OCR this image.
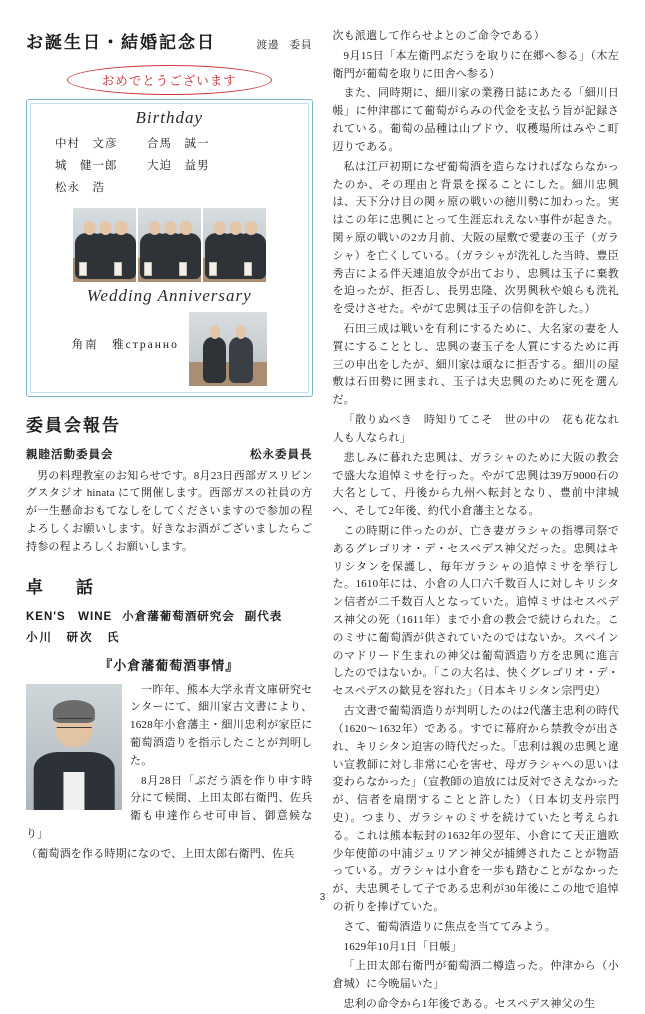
お誕生日・結婚記念日	渡邊 委員
おめでとうございます
Birthday
中村　文彦	合馬　誠一
城　健一郎	大迫　益男
松永　浩
Wedding Anniversary
角南　雅странно
委員会報告
親睦活動委員会	松永委員長

男の料理教室のお知らせです。8月23日西部ガスリビングスタジオ hinata にて開催します。西部ガスの社員の方が一生懸命おもてなしをしてくださいますので参加の程よろしくお願いします。好きなお酒がございましたらご持参の程よろしくお願いします。

卓　話
KEN'S　WINE 小倉藩葡萄酒研究会 副代表
小川　研次　氏
『小倉藩葡萄酒事情』

一昨年、熊本大学永青文庫研究センターにて、細川家古文書により、1628年小倉藩主・細川忠利が家臣に葡萄酒造りを指示したことが判明した。

8月28日「ぶだう酒を作り申す時分にて候間、上田太郎右衛門、佐兵衛も申達作らせ可申旨、御意候なり」

（葡萄酒を作る時期になので、上田太郎右衛門、佐兵

次も派遣して作らせよとのご命令である）

9月15日「本左衛門ぶだうを取りに在郷へ参る」（木左衛門が葡萄を取りに田舎へ参る）

また、同時期に、細川家の業務日誌にあたる「細川日帳」に仲津郡にて葡萄がらみの代金を支払う旨が記録されている。葡萄の品種は山ブドウ、収穫場所はみやこ町辺りである。

私は江戸初期になぜ葡萄酒を造らなければならなかったのか、その理由と背景を探ることにした。細川忠興は、天下分け目の関ヶ原の戦いの徳川勢に加わった。実はこの年に忠興にとって生涯忘れえない事件が起きた。関ヶ原の戦いの2カ月前、大阪の屋敷で愛妻の玉子（ガラシャ）を亡くしている。（ガラシャが洗礼した当時、豊臣秀吉による伴天連追放令が出ており、忠興は玉子に棄教を迫ったが、拒否し、長男忠隆、次男興秋や娘らも洗礼を受けさせた。やがて忠興は玉子の信仰を許した。）

石田三成は戦いを有利にするために、大名家の妻を人質にすることとし、忠興の妻玉子を人質にするために再三の申出をしたが、細川家は頑なに拒否する。細川の屋敷は石田勢に囲まれ、玉子は夫忠興のために死を選んだ。

「散りぬべき　時知りてこそ　世の中の　花も花なれ　人も人なられ」

悲しみに暮れた忠興は、ガラシャのために大阪の教会で盛大な追悼ミサを行った。やがて忠興は39万9000石の大名として、丹後から九州へ転封となり、豊前中津城へ、そして2年後、約代小倉藩主となる。

この時期に伴ったのが、亡き妻ガラシャの指導司祭であるグレゴリオ・デ・セスペデス神父だった。忠興はキリシタンを保護し、毎年ガラシャの追悼ミサを挙行した。1610年には、小倉の人口六千数百人に対しキリシタン信者が二千数百人となっていた。追悼ミサはセスペデス神父の死（1611年）まで小倉の教会で続けられた。このミサに葡萄酒が供されていたのではないか。スペインのマドリード生まれの神父は葡萄酒造り方を忠興に進言したのではないか。「この大名は、快くグレゴリオ・デ・セスペデスの歓見を容れた」（日本キリシタン宗門史）

古文書で葡萄酒造りが判明したのは2代藩主忠利の時代（1620～1632年）である。すでに幕府から禁教令が出され、キリシタン迫害の時代だった。「忠利は親の忠興と違い宣教師に対し非常に心を害せ、母ガラシャへの思いは変わらなかった」（宣教師の追放には反対でさえなかったが、信者を扇閉することと許した）（日本切支丹宗門史）。つまり、ガラシャのミサを続けていたと考えられる。これは熊本転封の1632年の翌年、小倉にて天正遣欧少年使節の中浦ジュリアン神父が捕縛されたことが物語っている。ガラシャは小倉を一歩も踏むことがなかったが、夫忠興そして子である忠利が30年後にこの地で追悼の祈りを捧げていた。

さて、葡萄酒造りに焦点を当ててみよう。

1629年10月1日「日帳」

「上田太郎右衛門が葡萄酒二樽造った。仲津から（小倉城）に今晩届いた」

忠利の命令から1年後である。セスペデス神父の生

3
